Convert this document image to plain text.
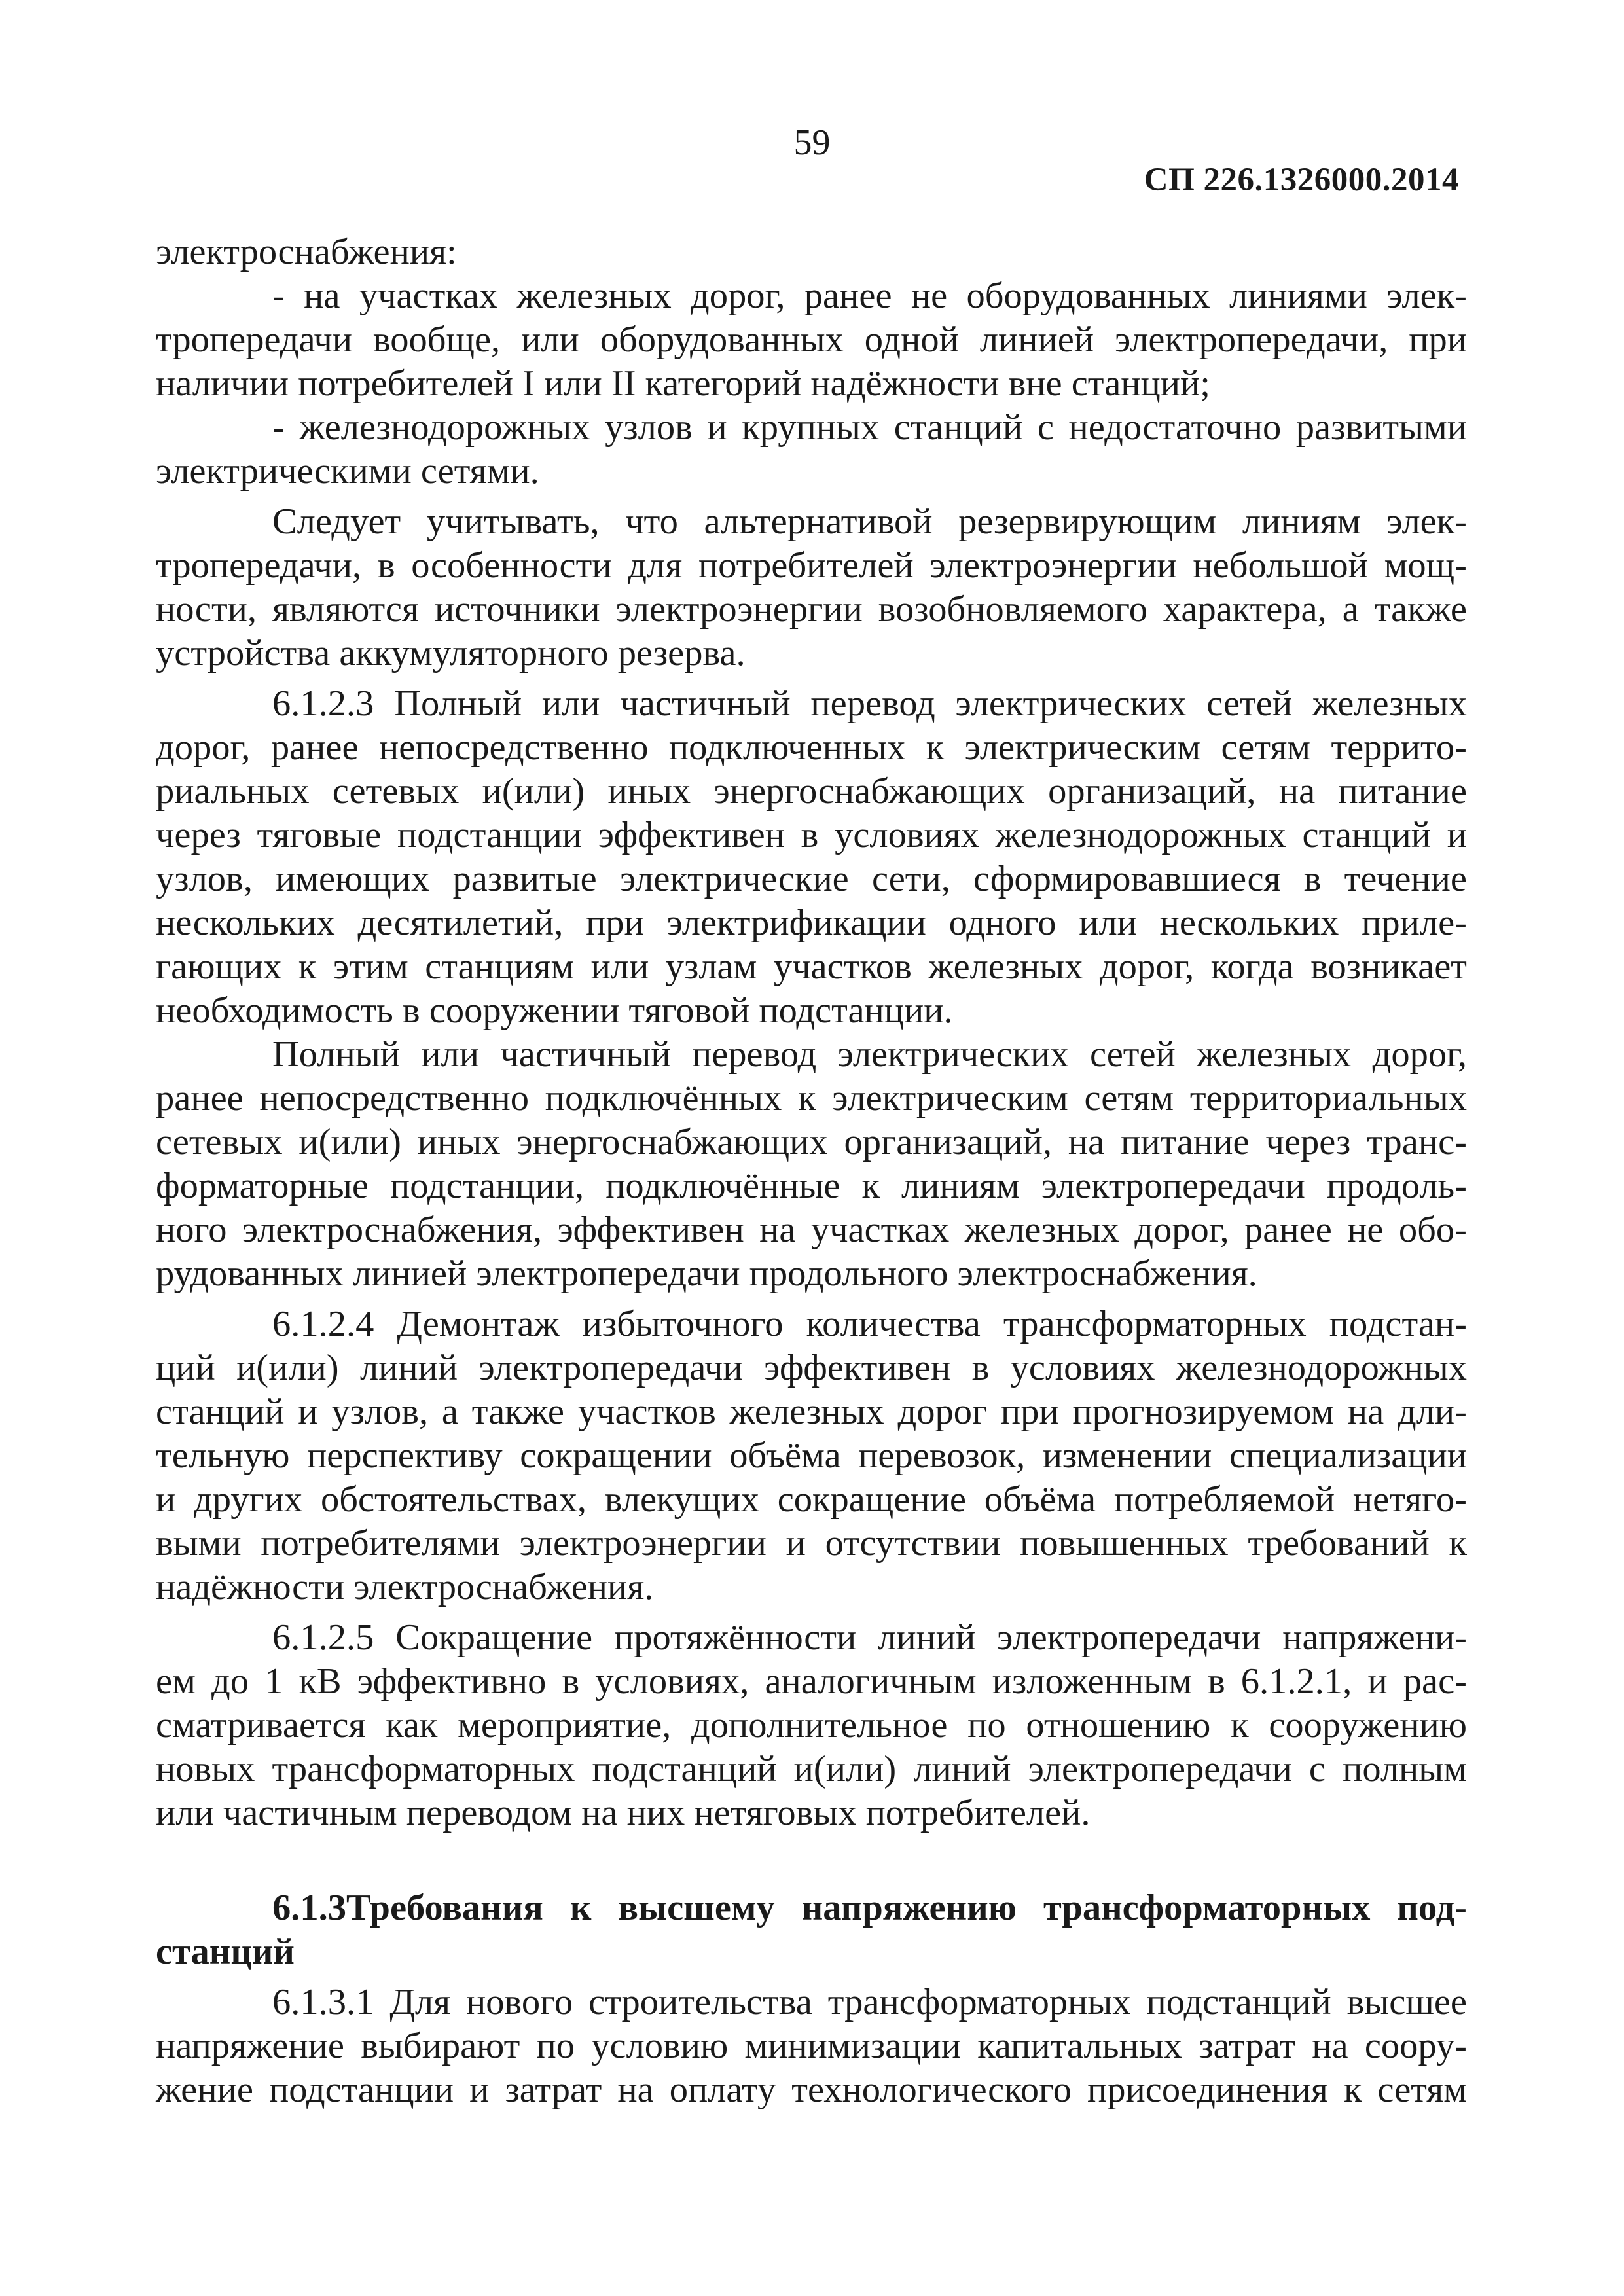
59
СП 226.1326000.2014

электроснабжения:

- на участках железных дорог, ранее не оборудованных линиями элек-
тропередачи вообще, или оборудованных одной линией электропередачи, при
наличии потребителей I или II категорий надёжности вне станций;

- железнодорожных узлов и крупных станций с недостаточно развитыми
электрическими сетями.

Следует учитывать, что альтернативой резервирующим линиям элек-
тропередачи, в особенности для потребителей электроэнергии небольшой мощ-
ности, являются источники электроэнергии возобновляемого характера, а также
устройства аккумуляторного резерва.

6.1.2.3 Полный или частичный перевод электрических сетей железных
дорог, ранее непосредственно подключенных к электрическим сетям террито-
риальных сетевых и(или) иных энергоснабжающих организаций, на питание
через тяговые подстанции эффективен в условиях железнодорожных станций и
узлов, имеющих развитые электрические сети, сформировавшиеся в течение
нескольких десятилетий, при электрификации одного или нескольких приле-
гающих к этим станциям или узлам участков железных дорог, когда возникает
необходимость в сооружении тяговой подстанции.

Полный или частичный перевод электрических сетей железных дорог,
ранее непосредственно подключённых к электрическим сетям территориальных
сетевых и(или) иных энергоснабжающих организаций, на питание через транс-
форматорные подстанции, подключённые к линиям электропередачи продоль-
ного электроснабжения, эффективен на участках железных дорог, ранее не обо-
рудованных линией электропередачи продольного электроснабжения.

6.1.2.4 Демонтаж избыточного количества трансформаторных подстан-
ций и(или) линий электропередачи эффективен в условиях железнодорожных
станций и узлов, а также участков железных дорог при прогнозируемом на дли-
тельную перспективу сокращении объёма перевозок, изменении специализации
и других обстоятельствах, влекущих сокращение объёма потребляемой нетяго-
выми потребителями электроэнергии и отсутствии повышенных требований к
надёжности электроснабжения.

6.1.2.5 Сокращение протяжённости линий электропередачи напряжени-
ем до 1 кВ эффективно в условиях, аналогичным изложенным в 6.1.2.1, и рас-
сматривается как мероприятие, дополнительное по отношению к сооружению
новых трансформаторных подстанций и(или) линий электропередачи с полным
или частичным переводом на них нетяговых потребителей.

6.1.3Требования к высшему напряжению трансформаторных под-
станций

6.1.3.1 Для нового строительства трансформаторных подстанций высшее
напряжение выбирают по условию минимизации капитальных затрат на соору-
жение подстанции и затрат на оплату технологического присоединения к сетям
